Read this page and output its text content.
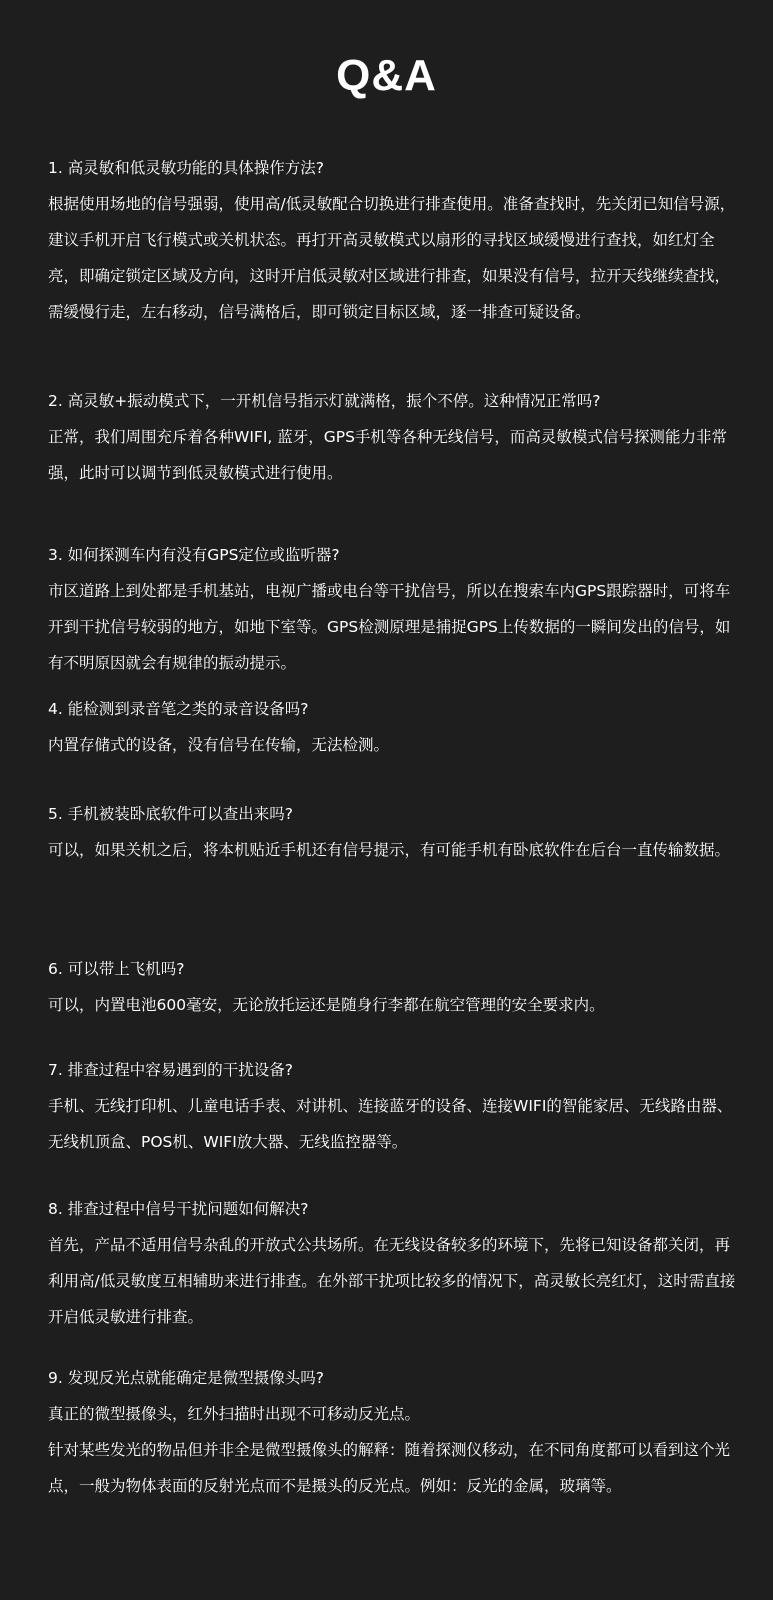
Q&A

1. 高灵敏和低灵敏功能的具体操作方法?

根据使用场地的信号强弱，使用高/低灵敏配合切换进行排查使用。准备查找时，先关闭已知信号源，建议手机开启飞行模式或关机状态。再打开高灵敏模式以扇形的寻找区域缓慢进行查找，如红灯全亮，即确定锁定区域及方向，这时开启低灵敏对区域进行排查，如果没有信号，拉开天线继续查找，需缓慢行走，左右移动，信号满格后，即可锁定目标区域，逐一排查可疑设备。

2. 高灵敏+振动模式下，一开机信号指示灯就满格，振个不停。这种情况正常吗?

正常，我们周围充斥着各种WIFI, 蓝牙，GPS手机等各种无线信号，而高灵敏模式信号探测能力非常强，此时可以调节到低灵敏模式进行使用。

3. 如何探测车内有没有GPS定位或监听器?

市区道路上到处都是手机基站，电视广播或电台等干扰信号，所以在搜索车内GPS跟踪器时，可将车开到干扰信号较弱的地方，如地下室等。GPS检测原理是捕捉GPS上传数据的一瞬间发出的信号，如有不明原因就会有规律的振动提示。

4. 能检测到录音笔之类的录音设备吗?

内置存储式的设备，没有信号在传输，无法检测。

5. 手机被装卧底软件可以查出来吗?

可以，如果关机之后，将本机贴近手机还有信号提示，有可能手机有卧底软件在后台一直传输数据。

6. 可以带上飞机吗?

可以，内置电池600毫安，无论放托运还是随身行李都在航空管理的安全要求内。

7. 排查过程中容易遇到的干扰设备?

手机、无线打印机、儿童电话手表、对讲机、连接蓝牙的设备、连接WIFI的智能家居、无线路由器、无线机顶盒、POS机、WIFI放大器、无线监控器等。

8. 排查过程中信号干扰问题如何解决?

首先，产品不适用信号杂乱的开放式公共场所。在无线设备较多的环境下，先将已知设备都关闭，再利用高/低灵敏度互相辅助来进行排查。在外部干扰项比较多的情况下，高灵敏长亮红灯，这时需直接开启低灵敏进行排查。

9. 发现反光点就能确定是微型摄像头吗?

真正的微型摄像头，红外扫描时出现不可移动反光点。

针对某些发光的物品但并非全是微型摄像头的解释：随着探测仪移动，在不同角度都可以看到这个光点，一般为物体表面的反射光点而不是摄头的反光点。例如：反光的金属，玻璃等。
